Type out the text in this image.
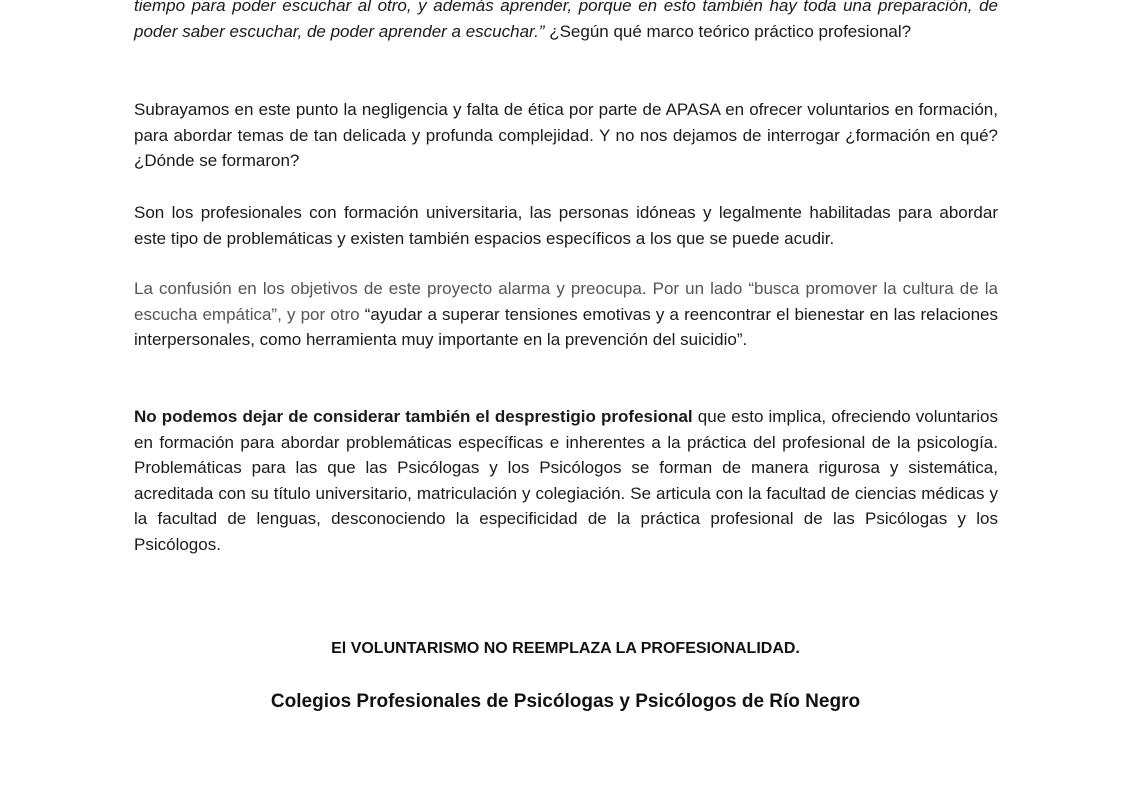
tiempo para poder escuchar al otro, y además aprender, porque en esto también hay toda una preparación, de poder saber escuchar, de poder aprender a escuchar.” ¿Según qué marco teórico práctico profesional?

Subrayamos en este punto la negligencia y falta de ética por parte de APASA en ofrecer voluntarios en formación, para abordar temas de tan delicada y profunda complejidad. Y no nos dejamos de interrogar ¿formación en qué? ¿Dónde se formaron?

Son los profesionales con formación universitaria, las personas idóneas y legalmente habilitadas para abordar este tipo de problemáticas y existen también espacios específicos a los que se puede acudir.

La confusión en los objetivos de este proyecto alarma y preocupa. Por un lado “busca promover la cultura de la escucha empática”, y por otro “ayudar a superar tensiones emotivas y a reencontrar el bienestar en las relaciones interpersonales, como herramienta muy importante en la prevención del suicidio”.

No podemos dejar de considerar también el desprestigio profesional que esto implica, ofreciendo voluntarios en formación para abordar problemáticas específicas e inherentes a la práctica del profesional de la psicología. Problemáticas para las que las Psicólogas y los Psicólogos se forman de manera rigurosa y sistemática, acreditada con su título universitario, matriculación y colegiación. Se articula con la facultad de ciencias médicas y la facultad de lenguas, desconociendo la especificidad de la práctica profesional de las Psicólogas y los Psicólogos.

El VOLUNTARISMO NO REEMPLAZA LA PROFESIONALIDAD.

Colegios Profesionales de Psicólogas y Psicólogos de Río Negro
